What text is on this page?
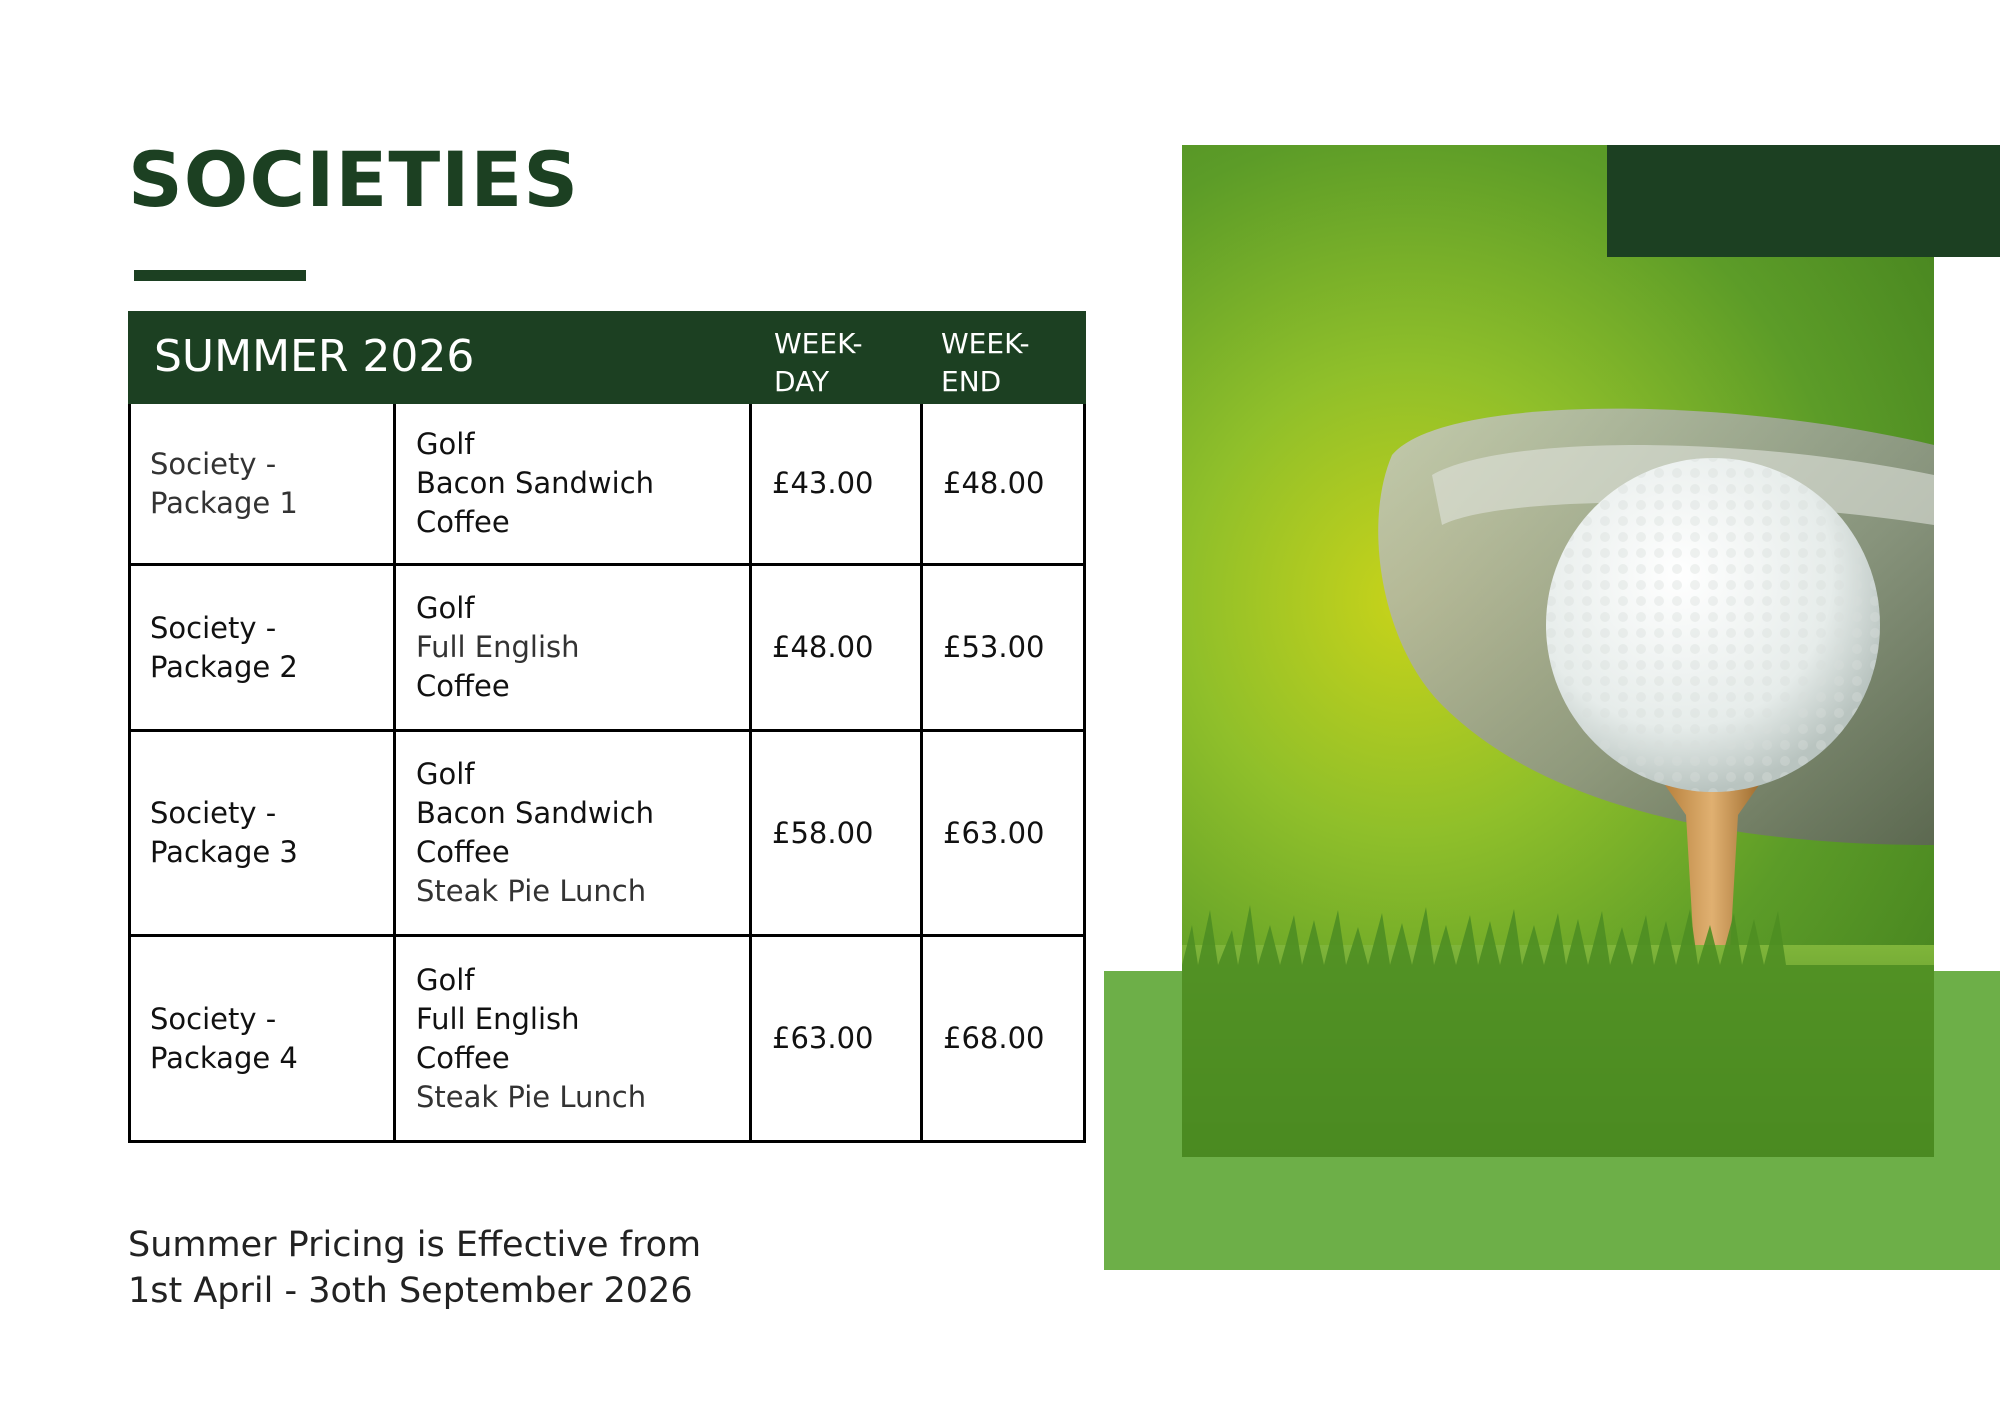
SOCIETIES
SUMMER 2026	WEEK-
DAY
WEEK-
END
Society -
Package 1
Golf
Bacon Sandwich
Coffee
£43.00 £48.00
Society -
Package 2
Golf
Full English
Coffee
£48.00 £53.00
Society -
Package 3
Golf
Bacon Sandwich
Coffee
Steak Pie Lunch
£58.00 £63.00
Society -
Package 4
Golf
Full English
Coffee
Steak Pie Lunch
£63.00 £68.00
Summer Pricing is Effective from
1st April - 3oth September 2026
